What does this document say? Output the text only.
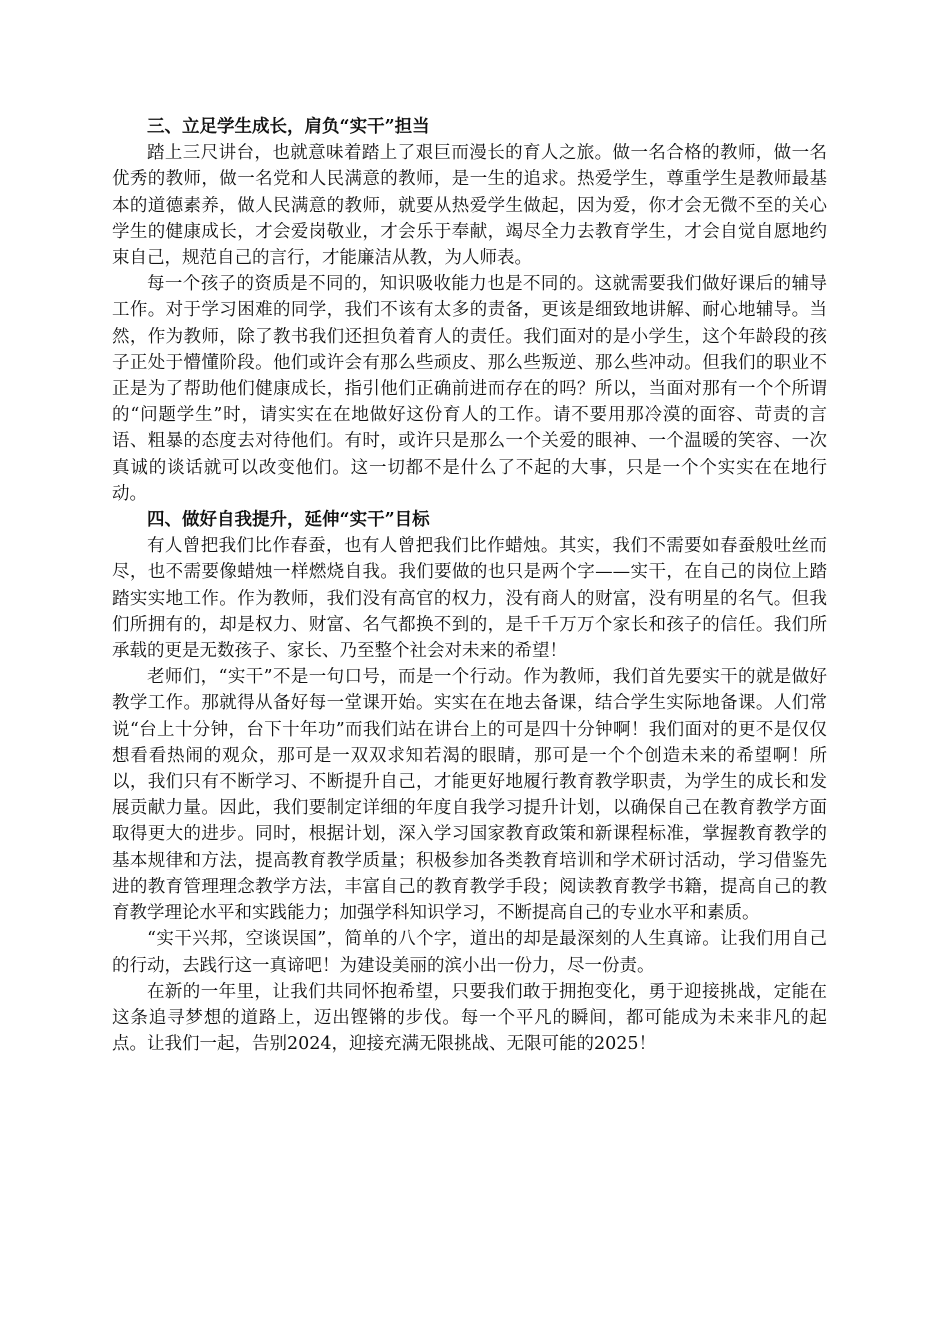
三、立足学生成长，肩负“实干”担当

踏上三尺讲台，也就意味着踏上了艰巨而漫长的育人之旅。做一名合格的教师，做一名优秀的教师，做一名党和人民满意的教师，是一生的追求。热爱学生，尊重学生是教师最基本的道德素养，做人民满意的教师，就要从热爱学生做起，因为爱，你才会无微不至的关心学生的健康成长，才会爱岗敬业，才会乐于奉献，竭尽全力去教育学生，才会自觉自愿地约束自己，规范自己的言行，才能廉洁从教，为人师表。

每一个孩子的资质是不同的，知识吸收能力也是不同的。这就需要我们做好课后的辅导工作。对于学习困难的同学，我们不该有太多的责备，更该是细致地讲解、耐心地辅导。当然，作为教师，除了教书我们还担负着育人的责任。我们面对的是小学生，这个年龄段的孩子正处于懵懂阶段。他们或许会有那么些顽皮、那么些叛逆、那么些冲动。但我们的职业不正是为了帮助他们健康成长，指引他们正确前进而存在的吗？所以，当面对那有一个个所谓的“问题学生”时，请实实在在地做好这份育人的工作。请不要用那冷漠的面容、苛责的言语、粗暴的态度去对待他们。有时，或许只是那么一个关爱的眼神、一个温暖的笑容、一次真诚的谈话就可以改变他们。这一切都不是什么了不起的大事，只是一个个实实在在地行动。

四、做好自我提升，延伸“实干”目标

有人曾把我们比作春蚕，也有人曾把我们比作蜡烛。其实，我们不需要如春蚕般吐丝而尽，也不需要像蜡烛一样燃烧自我。我们要做的也只是两个字——实干，在自己的岗位上踏踏实实地工作。作为教师，我们没有高官的权力，没有商人的财富，没有明星的名气。但我们所拥有的，却是权力、财富、名气都换不到的，是千千万万个家长和孩子的信任。我们所承载的更是无数孩子、家长、乃至整个社会对未来的希望！

老师们，“实干”不是一句口号，而是一个行动。作为教师，我们首先要实干的就是做好教学工作。那就得从备好每一堂课开始。实实在在地去备课，结合学生实际地备课。人们常说“台上十分钟，台下十年功”而我们站在讲台上的可是四十分钟啊！我们面对的更不是仅仅想看看热闹的观众，那可是一双双求知若渴的眼睛，那可是一个个创造未来的希望啊！所以，我们只有不断学习、不断提升自己，才能更好地履行教育教学职责，为学生的成长和发展贡献力量。因此，我们要制定详细的年度自我学习提升计划，以确保自己在教育教学方面取得更大的进步。同时，根据计划，深入学习国家教育政策和新课程标准，掌握教育教学的基本规律和方法，提高教育教学质量；积极参加各类教育培训和学术研讨活动，学习借鉴先进的教育管理理念教学方法，丰富自己的教育教学手段；阅读教育教学书籍，提高自己的教育教学理论水平和实践能力；加强学科知识学习，不断提高自己的专业水平和素质。

“实干兴邦，空谈误国”，简单的八个字，道出的却是最深刻的人生真谛。让我们用自己的行动，去践行这一真谛吧！为建设美丽的滨小出一份力，尽一份责。

在新的一年里，让我们共同怀抱希望，只要我们敢于拥抱变化，勇于迎接挑战，定能在这条追寻梦想的道路上，迈出铿锵的步伐。每一个平凡的瞬间，都可能成为未来非凡的起点。让我们一起，告别2024，迎接充满无限挑战、无限可能的2025！
